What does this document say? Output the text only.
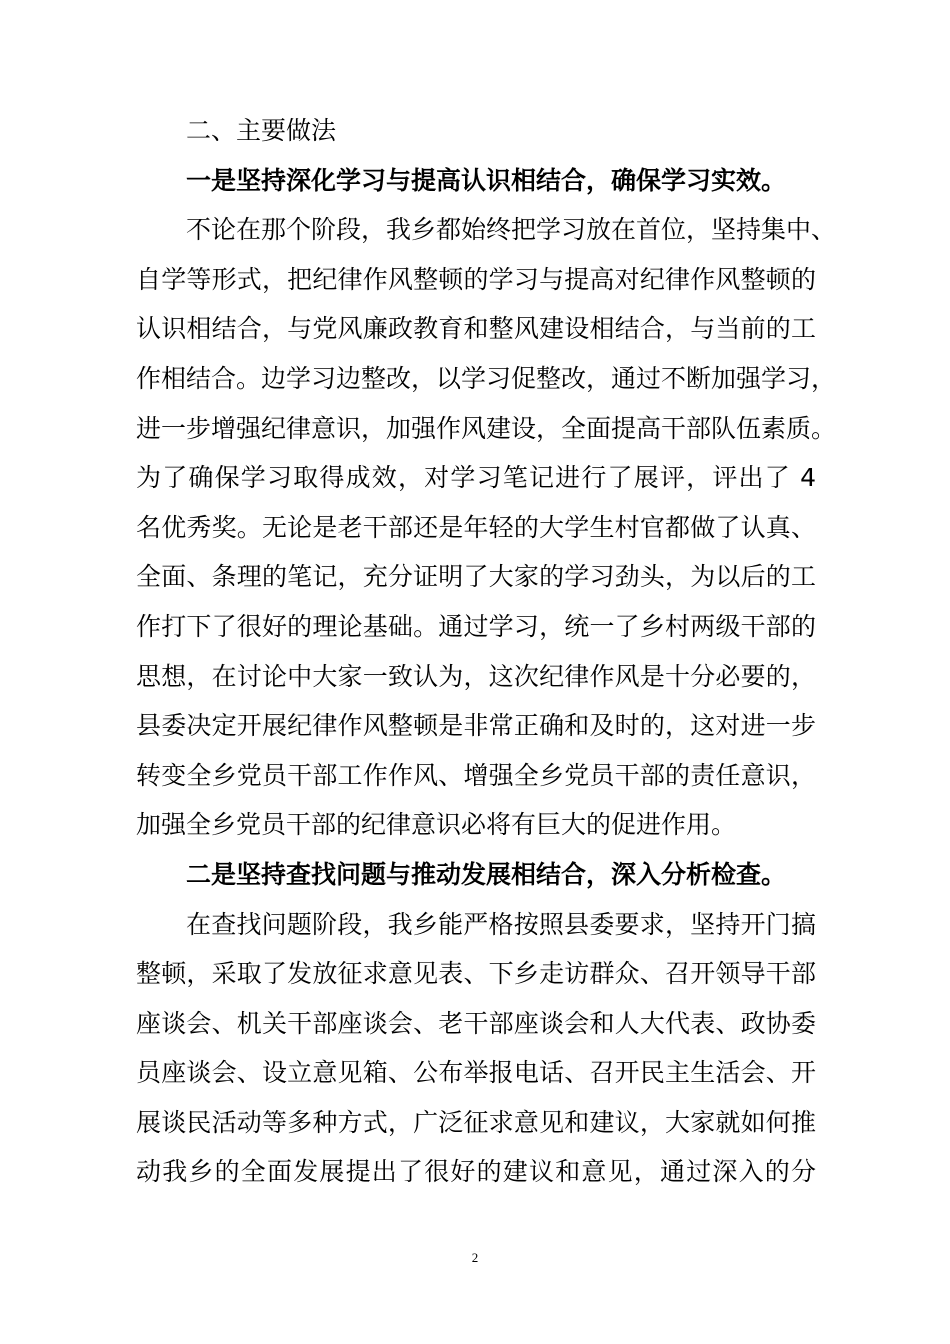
二、主要做法

一是坚持深化学习与提高认识相结合，确保学习实效。

不论在那个阶段，我乡都始终把学习放在首位，坚持集中、

自学等形式，把纪律作风整顿的学习与提高对纪律作风整顿的

认识相结合，与党风廉政教育和整风建设相结合，与当前的工

作相结合。边学习边整改，以学习促整改，通过不断加强学习，

进一步增强纪律意识，加强作风建设，全面提高干部队伍素质。

为了确保学习取得成效，对学习笔记进行了展评，评出了 4

名优秀奖。无论是老干部还是年轻的大学生村官都做了认真、

全面、条理的笔记，充分证明了大家的学习劲头，为以后的工

作打下了很好的理论基础。通过学习，统一了乡村两级干部的

思想，在讨论中大家一致认为，这次纪律作风是十分必要的，

县委决定开展纪律作风整顿是非常正确和及时的，这对进一步

转变全乡党员干部工作作风、增强全乡党员干部的责任意识，

加强全乡党员干部的纪律意识必将有巨大的促进作用。

二是坚持查找问题与推动发展相结合，深入分析检查。

在查找问题阶段，我乡能严格按照县委要求，坚持开门搞

整顿，采取了发放征求意见表、下乡走访群众、召开领导干部

座谈会、机关干部座谈会、老干部座谈会和人大代表、政协委

员座谈会、设立意见箱、公布举报电话、召开民主生活会、开

展谈民活动等多种方式，广泛征求意见和建议，大家就如何推

动我乡的全面发展提出了很好的建议和意见，通过深入的分

2
